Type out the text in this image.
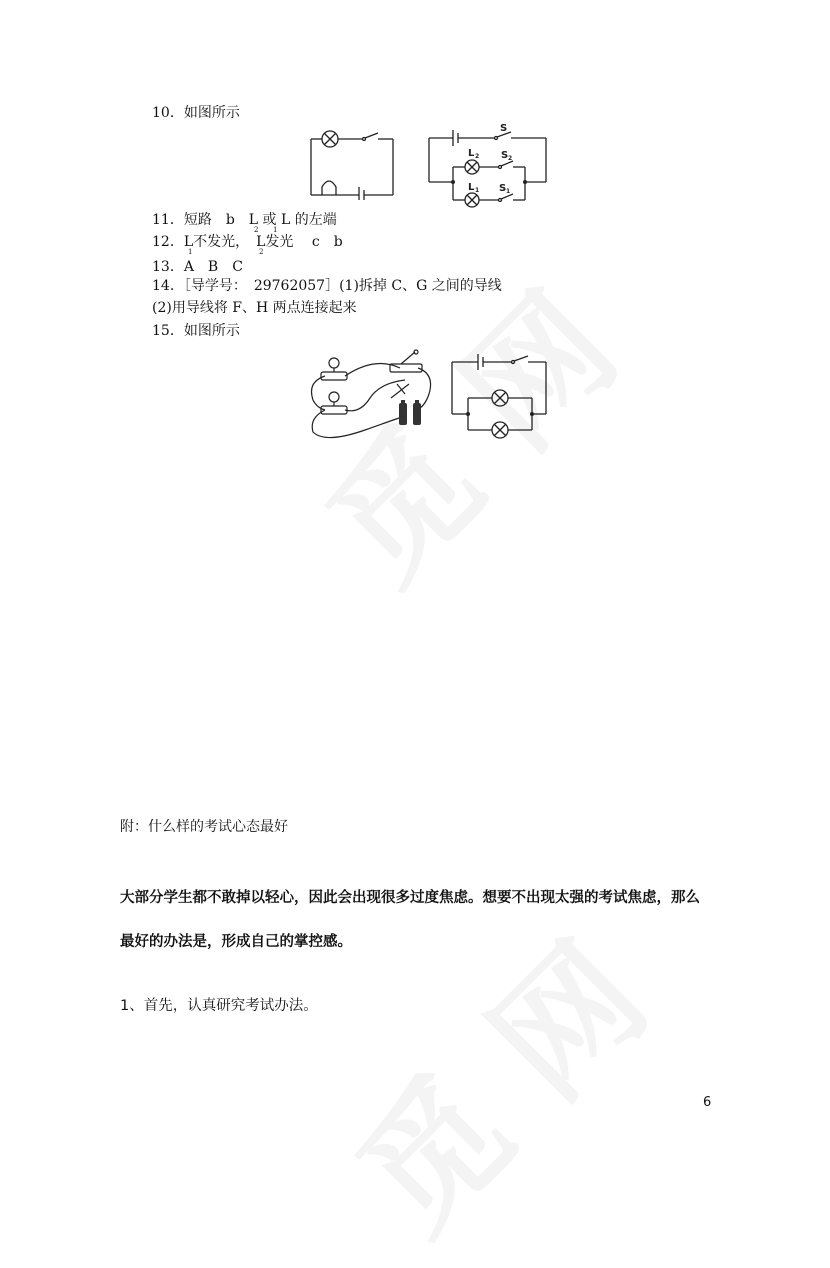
10．如图所示
S
L 2 S 2
L 1 S 1
11．短路　b　L 或 L 的左端
2 1
12．L不发光，　L发光　 c　b
1	2
13．A　B　C
14．［导学号：　29762057］(1)拆掉 C、G 之间的导线
(2)用导线将 F、H 两点连接起来
15．如图所示
附：什么样的考试心态最好
大部分学生都不敢掉以轻心，因此会出现很多过度焦虑。想要不出现太强的考试焦虑，那么
最好的办法是，形成自己的掌控感。
1、首先，认真研究考试办法。
6
